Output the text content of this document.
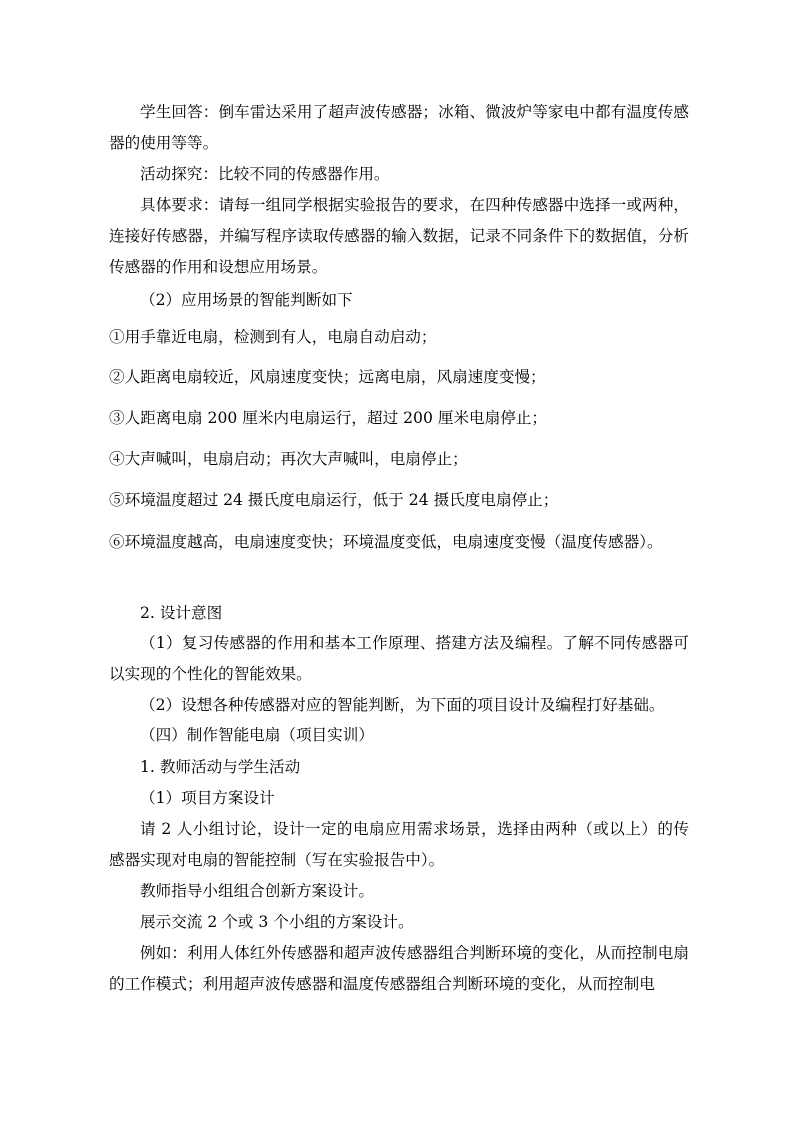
学生回答：倒车雷达采用了超声波传感器；冰箱、微波炉等家电中都有温度传感器的使用等等。

活动探究：比较不同的传感器作用。

具体要求：请每一组同学根据实验报告的要求，在四种传感器中选择一或两种，连接好传感器，并编写程序读取传感器的输入数据，记录不同条件下的数据值，分析传感器的作用和设想应用场景。

（2）应用场景的智能判断如下

①用手靠近电扇，检测到有人，电扇自动启动；

②人距离电扇较近，风扇速度变快；远离电扇，风扇速度变慢；

③人距离电扇 200 厘米内电扇运行，超过 200 厘米电扇停止；

④大声喊叫，电扇启动；再次大声喊叫，电扇停止；

⑤环境温度超过 24 摄氏度电扇运行，低于 24 摄氏度电扇停止；

⑥环境温度越高，电扇速度变快；环境温度变低，电扇速度变慢（温度传感器）。

2. 设计意图

（1）复习传感器的作用和基本工作原理、搭建方法及编程。了解不同传感器可以实现的个性化的智能效果。

（2）设想各种传感器对应的智能判断，为下面的项目设计及编程打好基础。

（四）制作智能电扇（项目实训）

1. 教师活动与学生活动

（1）项目方案设计

请 2 人小组讨论，设计一定的电扇应用需求场景，选择由两种（或以上）的传感器实现对电扇的智能控制（写在实验报告中）。

教师指导小组组合创新方案设计。

展示交流 2 个或 3 个小组的方案设计。

例如：利用人体红外传感器和超声波传感器组合判断环境的变化，从而控制电扇的工作模式；利用超声波传感器和温度传感器组合判断环境的变化，从而控制电
